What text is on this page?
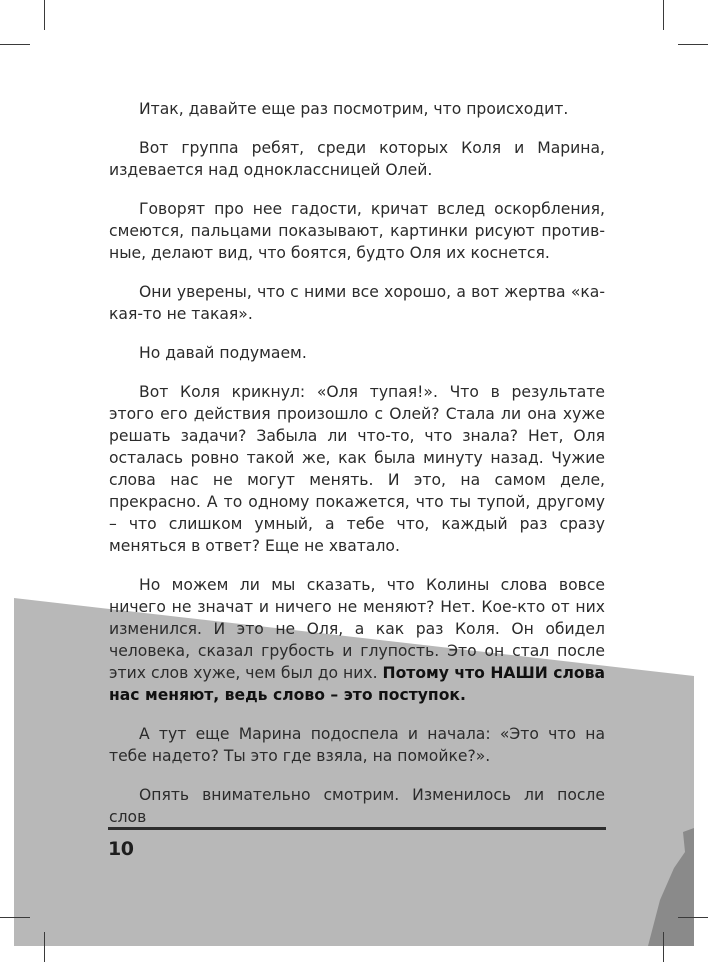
Итак, давайте еще раз посмотрим, что происходит.

Вот группа ребят, среди которых Коля и Марина, издевается над одноклассницей Олей.

Говорят про нее гадости, кричат вслед оскорбления, смеются, пальцами показывают, картинки рисуют противные, делают вид, что боятся, будто Оля их коснется.

Они уверены, что с ними все хорошо, а вот жертва «какая-то не такая».

Но давай подумаем.

Вот Коля крикнул: «Оля тупая!». Что в результате этого его действия произошло с Олей? Стала ли она хуже решать задачи? Забыла ли что-то, что знала? Нет, Оля осталась ровно такой же, как была минуту назад. Чужие слова нас не могут менять. И это, на самом деле, прекрасно. А то одному покажется, что ты тупой, другому – что слишком умный, а тебе что, каждый раз сразу меняться в ответ? Еще не хватало.

Но можем ли мы сказать, что Колины слова вовсе ничего не значат и ничего не меняют? Нет. Кое-кто от них изменился. И это не Оля, а как раз Коля. Он обидел человека, сказал грубость и глупость. Это он стал после этих слов хуже, чем был до них. Потому что НАШИ слова нас меняют, ведь слово – это поступок.

А тут еще Марина подоспела и начала: «Это что на тебе надето? Ты это где взяла, на помойке?».

Опять внимательно смотрим. Изменилось ли после слов

10
